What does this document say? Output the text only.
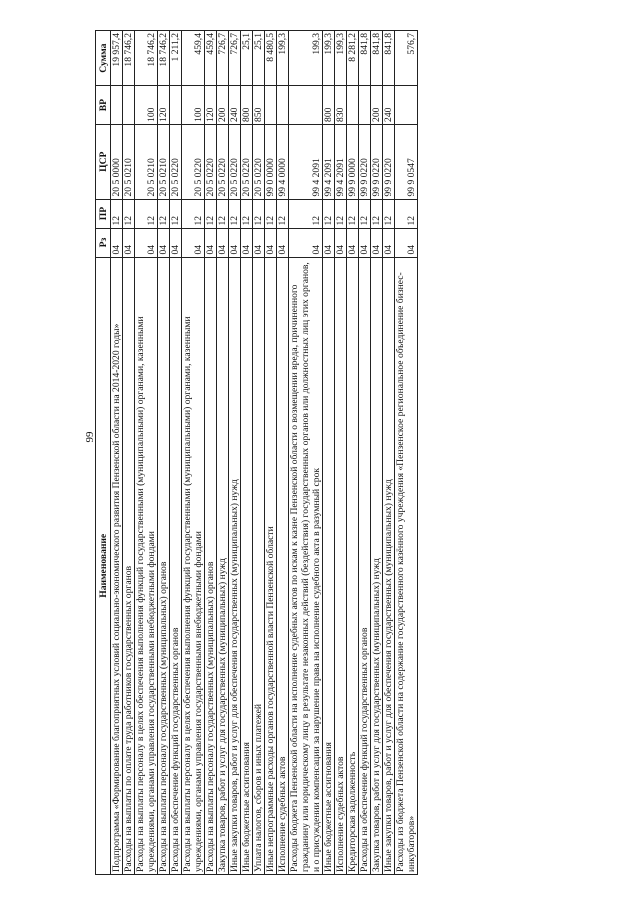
99
Наименование	Рз	ПР	ЦСР	ВР	Сумма
Подпрограмма «Формирование благоприятных условий социально-экономического развития Пензенской области на 2014-2020 годы»	04	12	20 5 0000		19 957,4
Расходы на выплаты по оплате труда работников государственных органов	04	12	20 5 0210		18 746,2
Расходы на выплаты персоналу в целях обеспечения выполнения функций государственными (муниципальными) органами, казенными учреждениями, органами управления государственными внебюджетными фондами	04	12	20 5 0210	100	18 746,2
Расходы на выплаты персоналу государственных (муниципальных) органов	04	12	20 5 0210	120	18 746,2
Расходы на обеспечение функций государственных органов	04	12	20 5 0220		1 211,2
Расходы на выплаты персоналу в целях обеспечения выполнения функций государственными (муниципальными) органами, казенными учреждениями, органами управления государственными внебюджетными фондами	04	12	20 5 0220	100	459,4
Расходы на выплаты персоналу государственных (муниципальных) органов	04	12	20 5 0220	120	459,4
Закупка товаров, работ и услуг для государственных (муниципальных) нужд	04	12	20 5 0220	200	726,7
Иные закупки товаров, работ и услуг для обеспечения государственных (муниципальных) нужд	04	12	20 5 0220	240	726,7
Иные бюджетные ассигнования	04	12	20 5 0220	800	25,1
Уплата налогов, сборов и иных платежей	04	12	20 5 0220	850	25,1
Иные непрограммные расходы органов государственной власти Пензенской области	04	12	99 0 0000		8 480,5
Исполнение судебных актов	04	12	99 4 0000		199,3
Расходы бюджета Пензенской области на исполнение судебных актов по искам к казне Пензенской области о возмещении вреда, причиненного гражданину или юридическому лицу в результате незаконных действий (бездействия) государственных органов или должностных лиц этих органов, и о присуждении компенсации за нарушение права на исполнение судебного акта в разумный срок	04	12	99 4 2091		199,3
Иные бюджетные ассигнования	04	12	99 4 2091	800	199,3
Исполнение судебных актов	04	12	99 4 2091	830	199,3
Кредиторская задолженность	04	12	99 9 0000		8 281,2
Расходы на обеспечение функций государственных органов	04	12	99 9 0220		841,8
Закупка товаров, работ и услуг для государственных (муниципальных) нужд	04	12	99 9 0220	200	841,8
Иные закупки товаров, работ и услуг для обеспечения государственных (муниципальных) нужд	04	12	99 9 0220	240	841,8
Расходы из бюджета Пензенской области на содержание государственного казённого учреждения «Пензенское региональное объединение бизнес-инкубаторов»	04	12	99 9 0547		576,7
